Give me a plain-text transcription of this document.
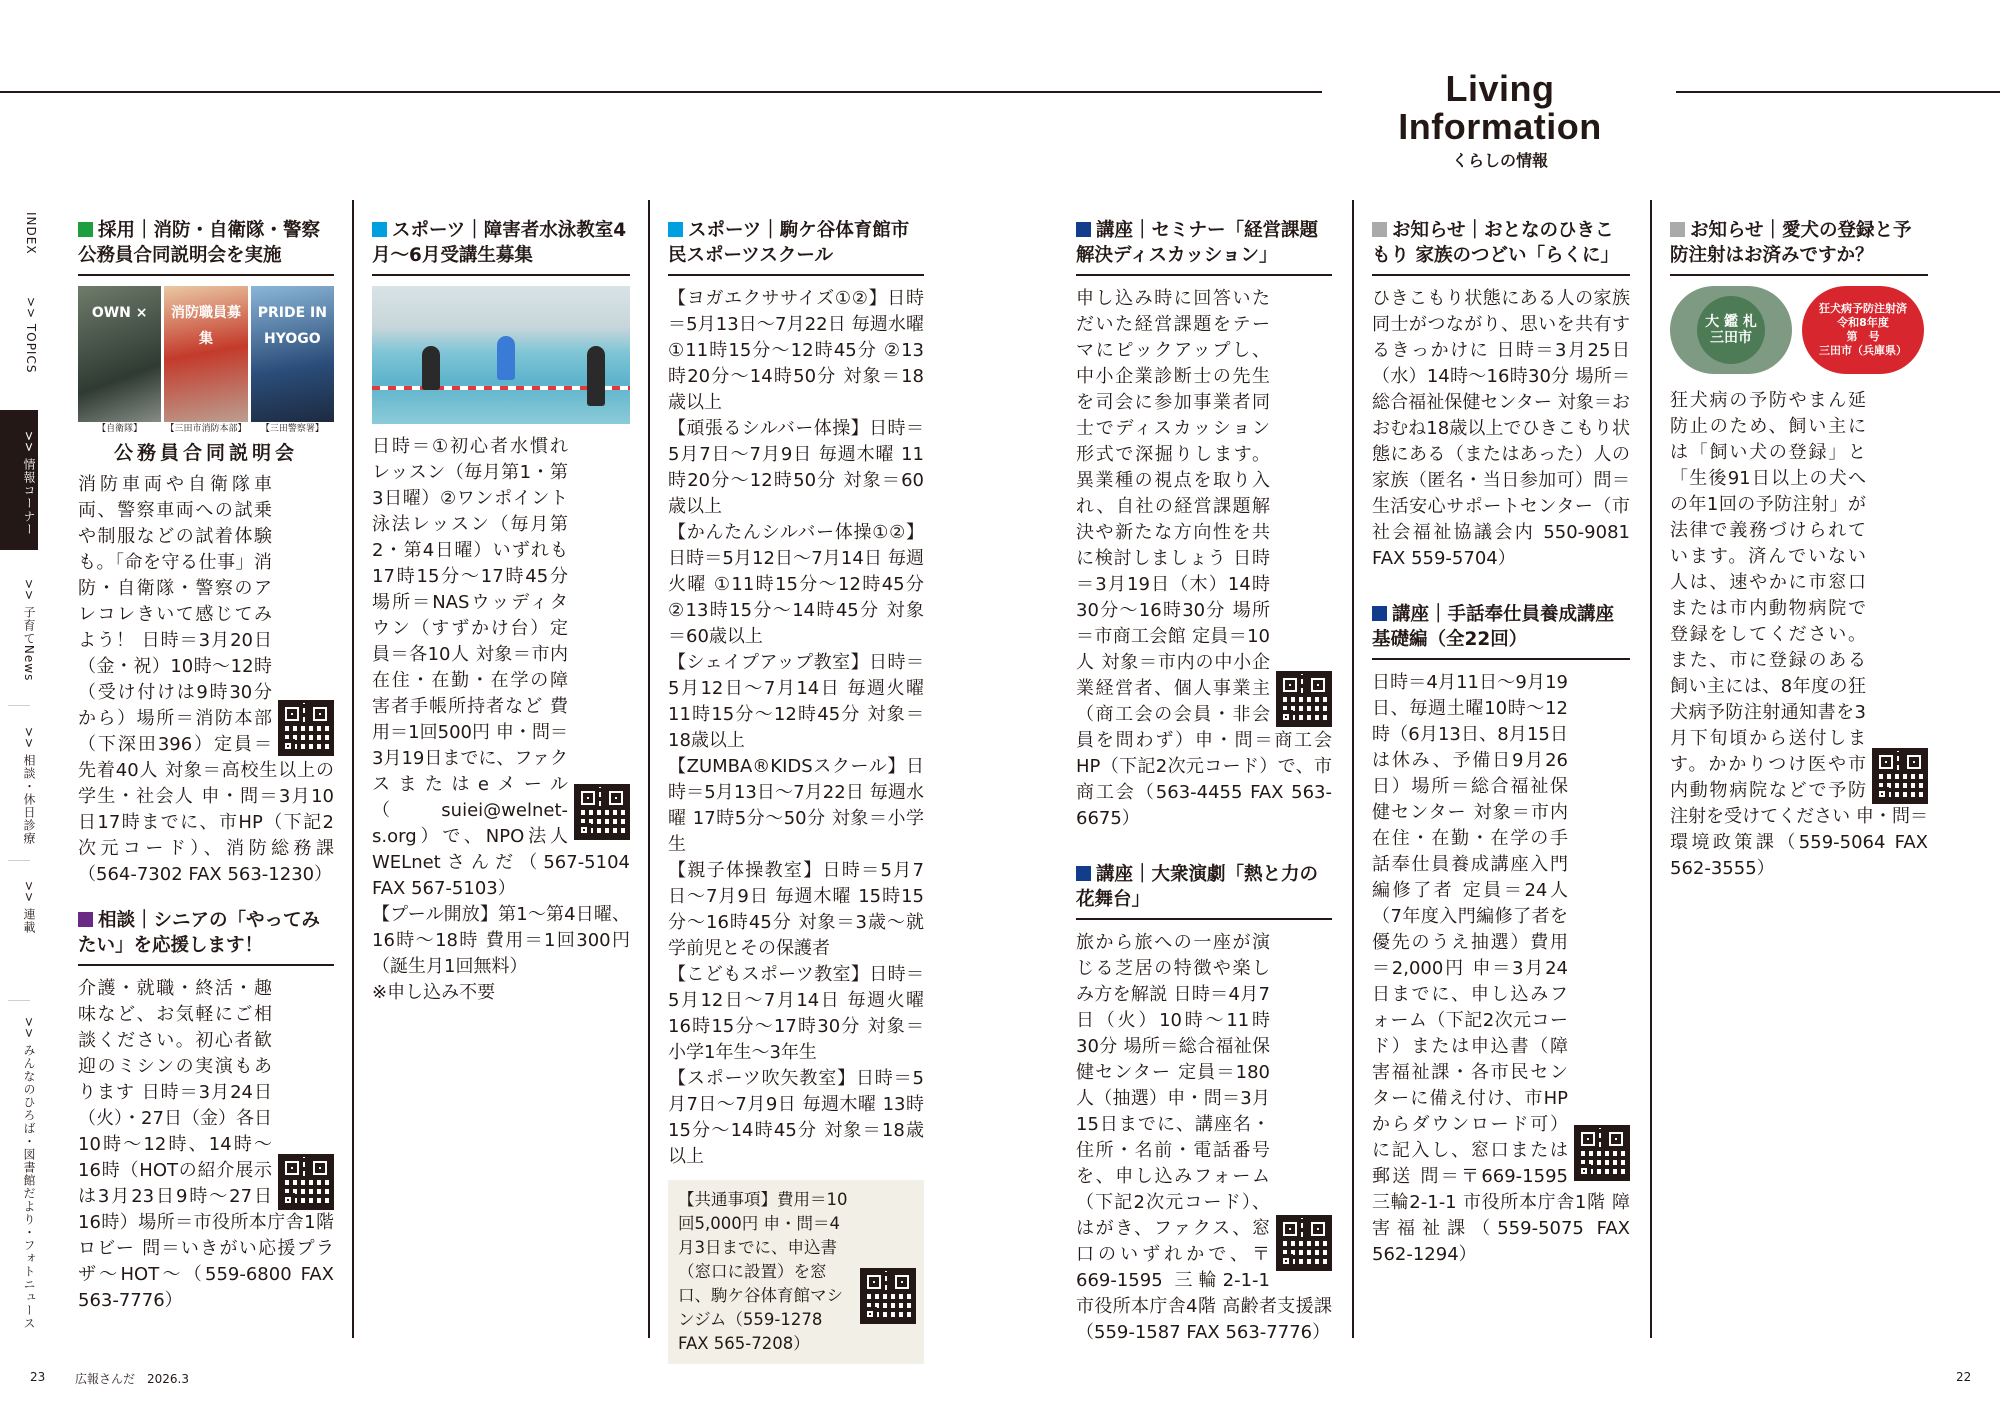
Living Information
くらしの情報
INDEX
>> TOPICS
>> 情報コーナー
>> 子育てNews
>> 相談・休日診療
>> 連載
>> みんなのひろば・図書館だより・フォトニュース
採用｜消防・自衛隊・警察公務員合同説明会を実施
OWN ×
【自衛隊】
消防職員募集
【三田市消防本部】
PRIDE IN HYOGO
【三田警察署】
公務員合同説明会
消防車両や自衛隊車両、警察車両への試乗や制服などの試着体験も。「命を守る仕事」消防・自衛隊・警察のアレコレきいて感じてみよう！ 日時＝3月20日（金・祝）10時〜12時（受け付けは9時30分から）場所＝消防本部（下深田396）定員＝先着40人 対象＝高校生以上の学生・社会人 申・問＝3月10日17時までに、市HP（下記2次元コード）、消防総務課（564-7302 FAX 563-1230）
相談｜シニアの「やってみたい」を応援します！
介護・就職・終活・趣味など、お気軽にご相談ください。初心者歓迎のミシンの実演もあります 日時＝3月24日（火）・27日（金）各日10時〜12時、14時〜16時（HOTの紹介展示は3月23日9時〜27日16時）場所＝市役所本庁舎1階ロビー 問＝いきがい応援プラザ〜HOT〜（559-6800 FAX 563-7776）
スポーツ｜障害者水泳教室4月〜6月受講生募集
日時＝①初心者水慣れレッスン（毎月第1・第3日曜）②ワンポイント泳法レッスン（毎月第2・第4日曜）いずれも17時15分〜17時45分 場所＝NASウッディタウン（すずかけ台）定員＝各10人 対象＝市内在住・在勤・在学の障害者手帳所持者など 費用＝1回500円 申・問＝3月19日までに、ファクスまたはeメール（suiei@welnet-s.org）で、NPO法人WELnetさんだ（567-5104 FAX 567-5103）
【プール開放】第1〜第4日曜、16時〜18時 費用＝1回300円（誕生月1回無料）
※申し込み不要
スポーツ｜駒ケ谷体育館市民スポーツスクール
【ヨガエクササイズ①②】日時＝5月13日〜7月22日 毎週水曜 ①11時15分〜12時45分 ②13時20分〜14時50分 対象＝18歳以上
【頑張るシルバー体操】日時＝5月7日〜7月9日 毎週木曜 11時20分〜12時50分 対象＝60歳以上
【かんたんシルバー体操①②】日時＝5月12日〜7月14日 毎週火曜 ①11時15分〜12時45分 ②13時15分〜14時45分 対象＝60歳以上
【シェイプアップ教室】日時＝5月12日〜7月14日 毎週火曜 11時15分〜12時45分 対象＝18歳以上
【ZUMBA®KIDSスクール】日時＝5月13日〜7月22日 毎週水曜 17時5分〜50分 対象＝小学生
【親子体操教室】日時＝5月7日〜7月9日 毎週木曜 15時15分〜16時45分 対象＝3歳〜就学前児とその保護者
【こどもスポーツ教室】日時＝5月12日〜7月14日 毎週火曜 16時15分〜17時30分 対象＝小学1年生〜3年生
【スポーツ吹矢教室】日時＝5月7日〜7月9日 毎週木曜 13時15分〜14時45分 対象＝18歳以上
【共通事項】費用＝10回5,000円 申・問＝4月3日までに、申込書（窓口に設置）を窓口、駒ケ谷体育館マシンジム（559-1278 FAX 565-7208）
講座｜セミナー「経営課題解決ディスカッション」
申し込み時に回答いただいた経営課題をテーマにピックアップし、中小企業診断士の先生を司会に参加事業者同士でディスカッション形式で深掘りします。異業種の視点を取り入れ、自社の経営課題解決や新たな方向性を共に検討しましょう 日時＝3月19日（木）14時30分〜16時30分 場所＝市商工会館 定員＝10人 対象＝市内の中小企業経営者、個人事業主（商工会の会員・非会員を問わず）申・問＝商工会HP（下記2次元コード）で、市商工会（563-4455 FAX 563-6675）
講座｜大衆演劇「熱と力の花舞台」
旅から旅への一座が演じる芝居の特徴や楽しみ方を解説 日時＝4月7日（火）10時〜11時30分 場所＝総合福祉保健センター 定員＝180人（抽選）申・問＝3月15日までに、講座名・住所・名前・電話番号を、申し込みフォーム（下記2次元コード）、はがき、ファクス、窓口のいずれかで、〒669-1595 三輪2-1-1 市役所本庁舎4階 高齢者支援課（559-1587 FAX 563-7776）
お知らせ｜おとなのひきこもり 家族のつどい「らくに」
ひきこもり状態にある人の家族同士がつながり、思いを共有するきっかけに 日時＝3月25日（水）14時〜16時30分 場所＝総合福祉保健センター 対象＝おおむね18歳以上でひきこもり状態にある（またはあった）人の家族（匿名・当日参加可）問＝生活安心サポートセンター（市社会福祉協議会内 550-9081 FAX 559-5704）
講座｜手話奉仕員養成講座基礎編（全22回）
日時＝4月11日〜9月19日、毎週土曜10時〜12時（6月13日、8月15日は休み、予備日9月26日）場所＝総合福祉保健センター 対象＝市内在住・在勤・在学の手話奉仕員養成講座入門編修了者 定員＝24人（7年度入門編修了者を優先のうえ抽選）費用＝2,000円 申＝3月24日までに、申し込みフォーム（下記2次元コード）または申込書（障害福祉課・各市民センターに備え付け、市HPからダウンロード可）に記入し、窓口または郵送 問＝〒669-1595 三輪2-1-1 市役所本庁舎1階 障害福祉課（559-5075 FAX 562-1294）
お知らせ｜愛犬の登録と予防注射はお済みですか？
大 鑑 札 三田市
狂犬病予防注射済
令和8年度
第　号
三田市（兵庫県）
狂犬病の予防やまん延防止のため、飼い主には「飼い犬の登録」と「生後91日以上の犬への年1回の予防注射」が法律で義務づけられています。済んでいない人は、速やかに市窓口または市内動物病院で登録をしてください。また、市に登録のある飼い主には、8年度の狂犬病予防注射通知書を3月下旬頃から送付します。かかりつけ医や市内動物病院などで予防注射を受けてください 申・問＝環境政策課（559-5064 FAX 562-3555）
23 広報さんだ　2026.3	22
